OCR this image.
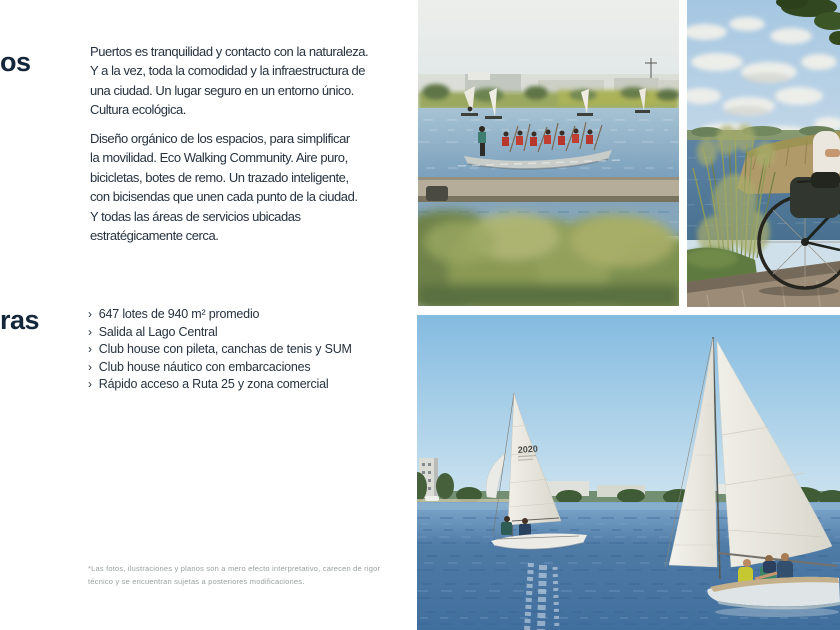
os	Puertos es tranquilidad y contacto con la naturaleza.
Y a la vez, toda la comodidad y la infraestructura de
una ciudad. Un lugar seguro en un entorno único.
Cultura ecológica.
Diseño orgánico de los espacios, para simplificar
la movilidad. Eco Walking Community. Aire puro,
bicicletas, botes de remo. Un trazado inteligente,
con bicisendas que unen cada punto de la ciudad.
Y todas las áreas de servicios ubicadas
estratégicamente cerca.
ras	› 647 lotes de 940 m² promedio
› Salida al Lago Central
› Club house con pileta, canchas de tenis y SUM
› Club house náutico con embarcaciones
› Rápido acceso a Ruta 25 y zona comercial
*Las fotos, ilustraciones y planos son a mero efecto interpretativo, carecen de rigor
técnico y se encuentran sujetas a posteriores modificaciones.
2020
